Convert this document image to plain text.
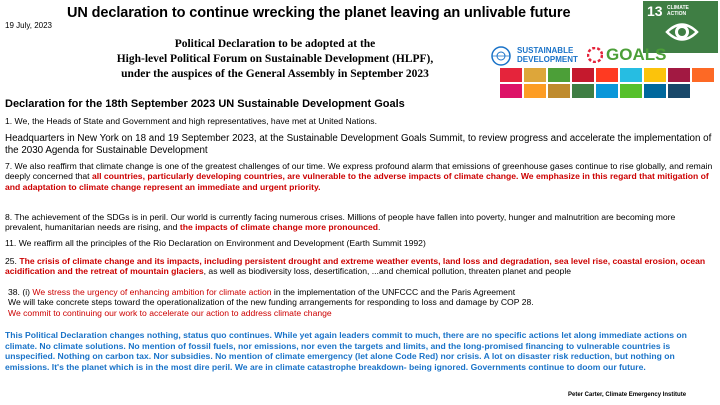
19 July, 2023
UN declaration to continue wrecking the planet leaving an unlivable future
Political Declaration to be adopted at the
High-level Political Forum on Sustainable Development (HLPF),
under the auspices of the General Assembly in September 2023
13 CLIMATE ACTION
SUSTAINABLE
DEVELOPMENT GOALS
Declaration for the 18th September 2023 UN Sustainable Development Goals
1. We, the Heads of State and Government and high representatives, have met at United Nations.
Headquarters in New York on 18 and 19 September 2023, at the Sustainable Development Goals Summit, to review progress and accelerate the implementation of the 2030 Agenda for Sustainable Development
7. We also reaffirm that climate change is one of the greatest challenges of our time. We express profound alarm that emissions of greenhouse gases continue to rise globally, and remain deeply concerned that all countries, particularly developing countries, are vulnerable to the adverse impacts of climate change. We emphasize in this regard that mitigation of and adaptation to climate change represent an immediate and urgent priority.
8. The achievement of the SDGs is in peril. Our world is currently facing numerous crises. Millions of people have fallen into poverty, hunger and malnutrition are becoming more prevalent, humanitarian needs are rising, and the impacts of climate change more pronounced.
11. We reaffirm all the principles of the Rio Declaration on Environment and Development (Earth Summit 1992)
25. The crisis of climate change and its impacts, including persistent drought and extreme weather events, land loss and degradation, sea level rise, coastal erosion, ocean acidification and the retreat of mountain glaciers, as well as biodiversity loss, desertification, ...and chemical pollution, threaten planet and people
38. (i) We stress the urgency of enhancing ambition for climate action in the implementation of the UNFCCC and the Paris Agreement
We will take concrete steps toward the operationalization of the new funding arrangements for responding to loss and damage by COP 28.
We commit to continuing our work to accelerate our action to address climate change
This Political Declaration changes nothing, status quo continues. While yet again leaders commit to much, there are no specific actions let along immediate actions on climate. No climate solutions. No mention of fossil fuels, nor emissions, nor even the targets and limits, and the long-promised financing to vulnerable countries is unspecified. Nothing on carbon tax. Nor subsidies. No mention of climate emergency (let alone Code Red) nor crisis. A lot on disaster risk reduction, but nothing on emissions. It's the planet which is in the most dire peril. We are in climate catastrophe breakdown- being ignored. Governments continue to doom our future.
Peter Carter, Climate Emergency Institute
